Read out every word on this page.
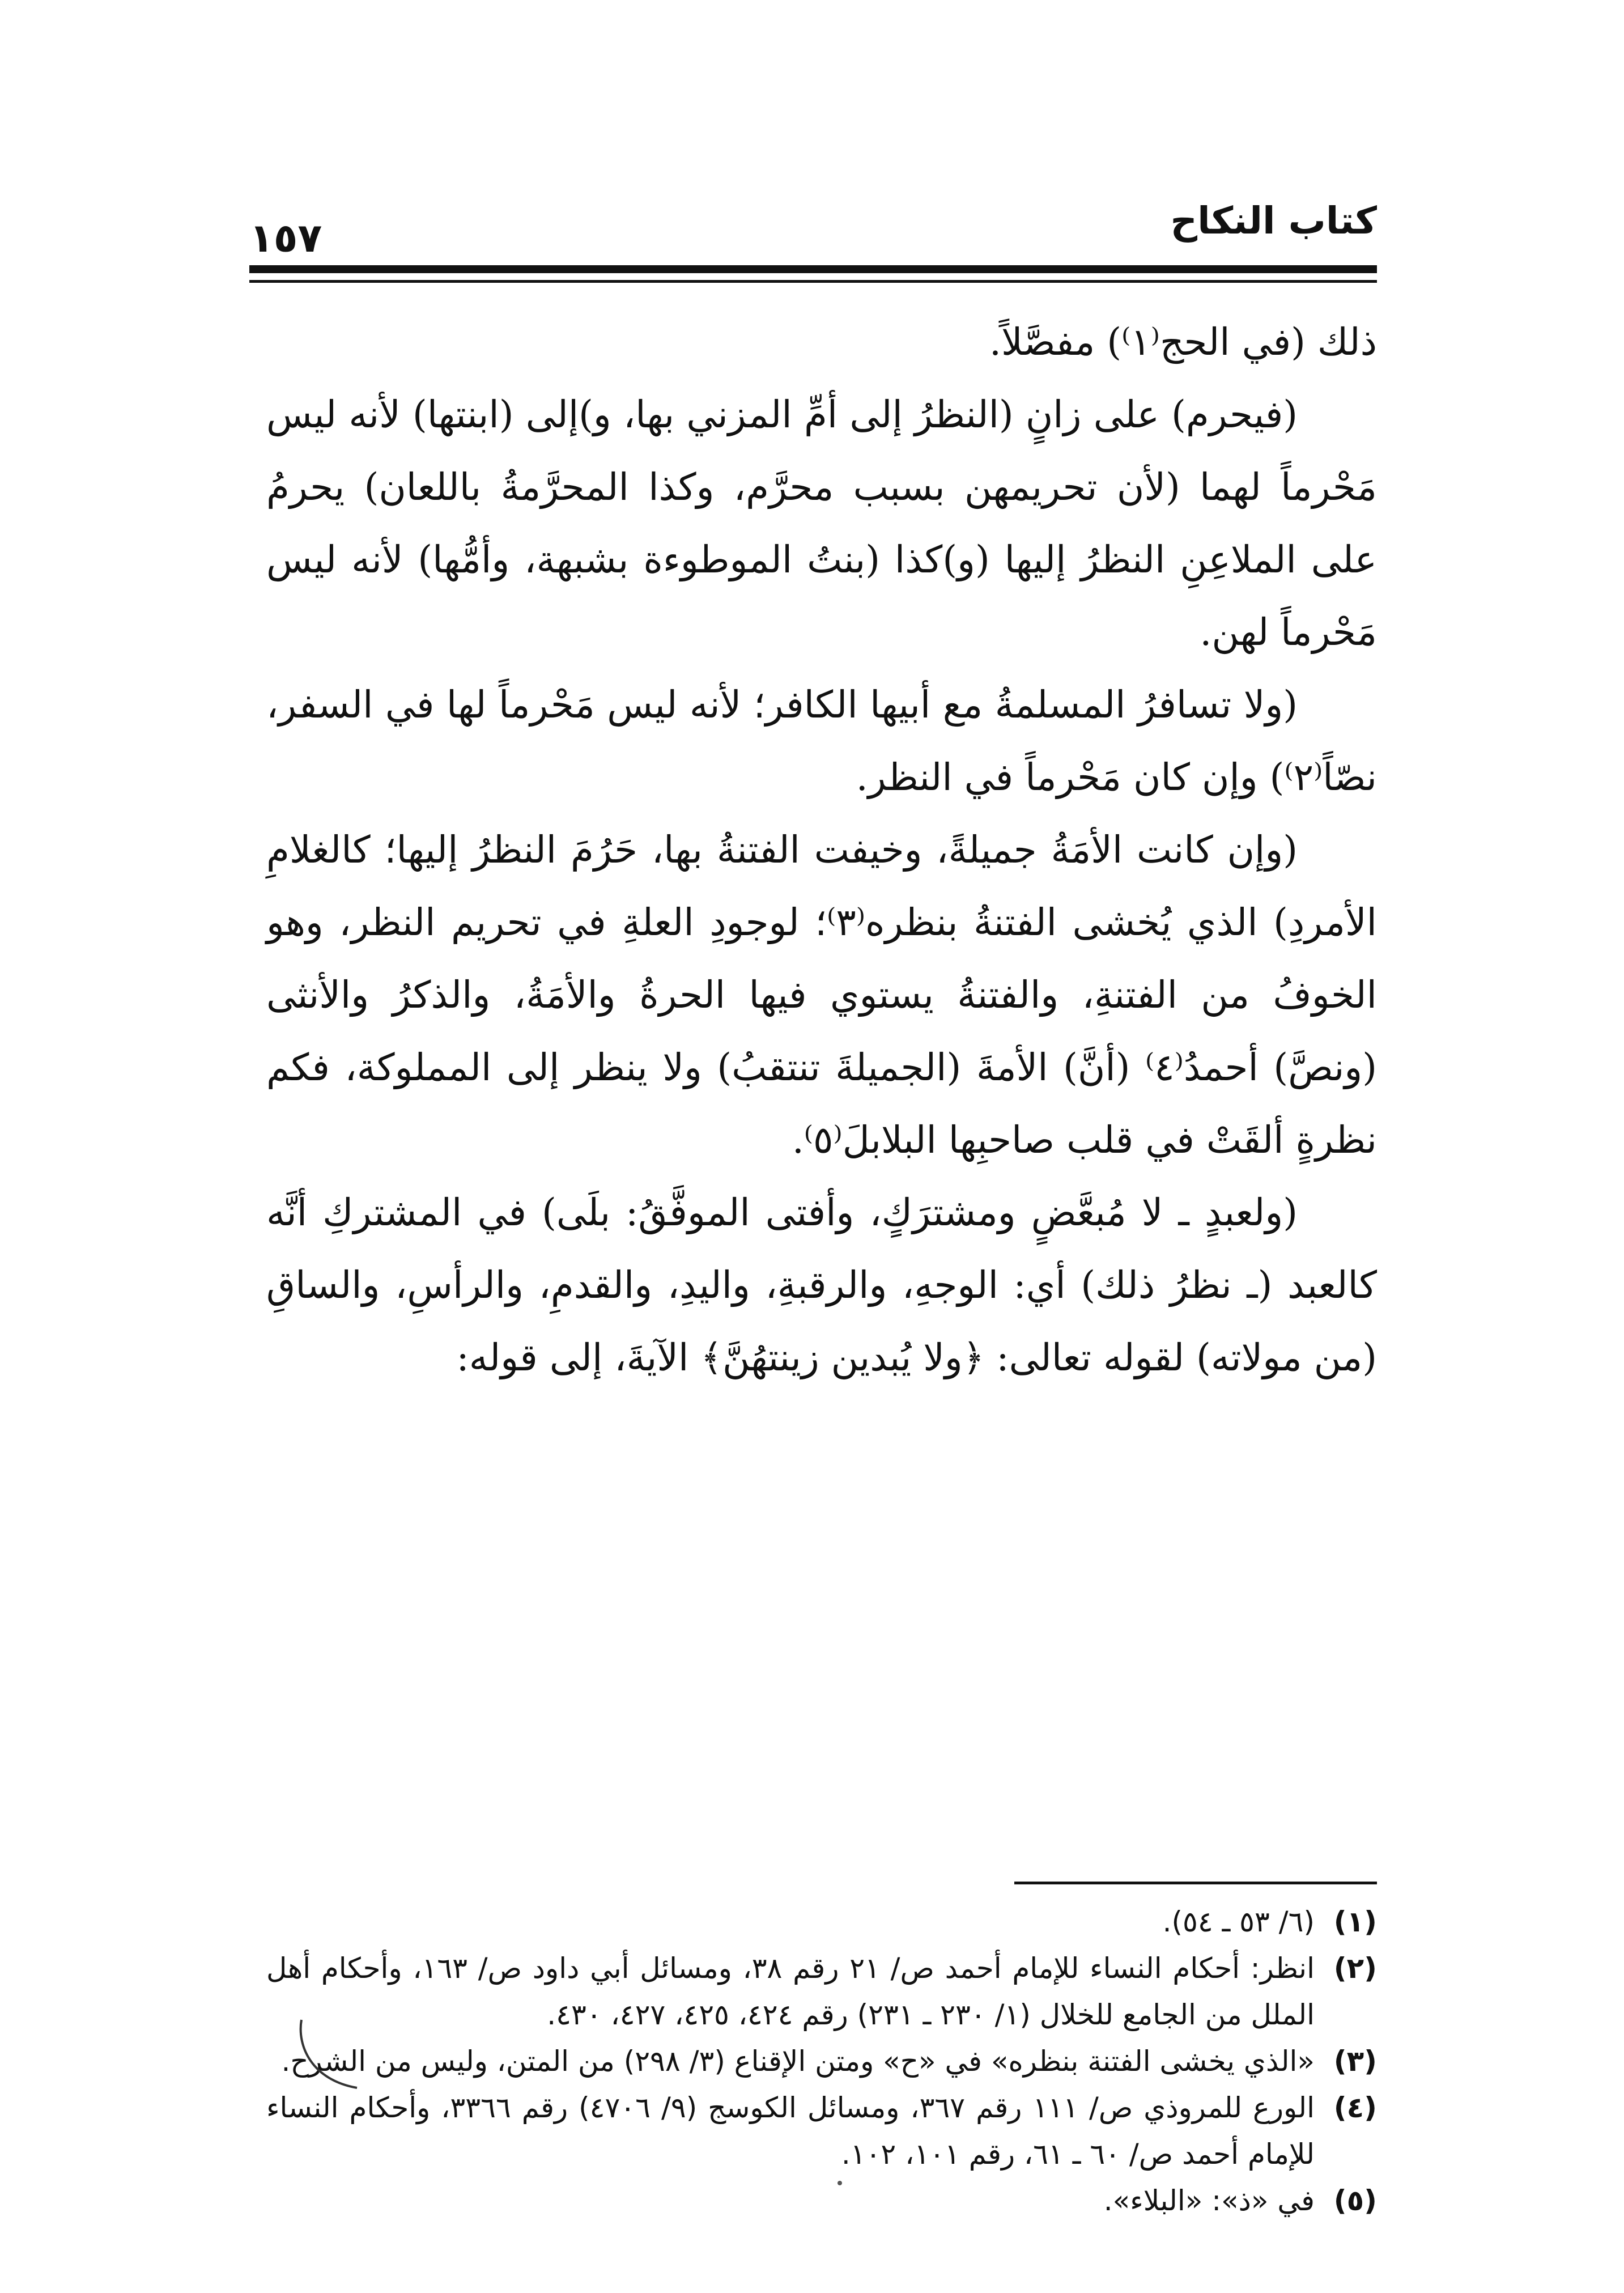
كتاب النكاح
١٥٧

ذلك (في الحج⁽١⁾) مفصَّلاً.

(فيحرم) على زانٍ (النظرُ إلى أمِّ المزني بها، و)إلى (ابنتها) لأنه ليس مَحْرماً لهما (لأن تحريمهن بسبب محرَّم، وكذا المحرَّمةُ باللعان) يحرمُ على الملاعِنِ النظرُ إليها (و)كذا (بنتُ الموطوءة بشبهة، وأمُّها) لأنه ليس مَحْرماً لهن.

(ولا تسافرُ المسلمةُ مع أبيها الكافر؛ لأنه ليس مَحْرماً لها في السفر، نصّاً⁽٢⁾) وإن كان مَحْرماً في النظر.

(وإن كانت الأمَةُ جميلةً، وخيفت الفتنةُ بها، حَرُمَ النظرُ إليها؛ كالغلامِ الأمردِ) الذي يُخشى الفتنةُ بنظره⁽٣⁾؛ لوجودِ العلةِ في تحريم النظر، وهو الخوفُ من الفتنةِ، والفتنةُ يستوي فيها الحرةُ والأمَةُ، والذكرُ والأنثى (ونصَّ) أحمدُ⁽٤⁾ (أنَّ) الأمةَ (الجميلةَ تنتقبُ) ولا ينظر إلى المملوكة، فكم نظرةٍ ألقَتْ في قلب صاحبِها البلابلَ⁽٥⁾.

(ولعبدٍ ـ لا مُبعَّضٍ ومشترَكٍ، وأفتى الموفَّقُ: بلَى) في المشتركِ أنَّه كالعبد (ـ نظرُ ذلك) أي: الوجهِ، والرقبةِ، واليدِ، والقدمِ، والرأسِ، والساقِ (من مولاته) لقوله تعالى: ﴿ولا يُبدين زينتهُنَّ﴾ الآيةَ، إلى قوله:

(١)
(٦/ ٥٣ ـ ٥٤).
(٢)
انظر: أحكام النساء للإمام أحمد ص/ ٢١ رقم ٣٨، ومسائل أبي داود ص/ ١٦٣، وأحكام أهل الملل من الجامع للخلال (١/ ٢٣٠ ـ ٢٣١) رقم ٤٢٤، ٤٢٥، ٤٢٧، ٤٣٠.
(٣)
«الذي يخشى الفتنة بنظره» في «ح» ومتن الإقناع (٣/ ٢٩٨) من المتن، وليس من الشرح.
(٤)
الورع للمروذي ص/ ١١١ رقم ٣٦٧، ومسائل الكوسج (٩/ ٤٧٠٦) رقم ٣٣٦٦، وأحكام النساء للإمام أحمد ص/ ٦٠ ـ ٦١، رقم ١٠١، ١٠٢.
(٥)
في «ذ»: «البلاء».
